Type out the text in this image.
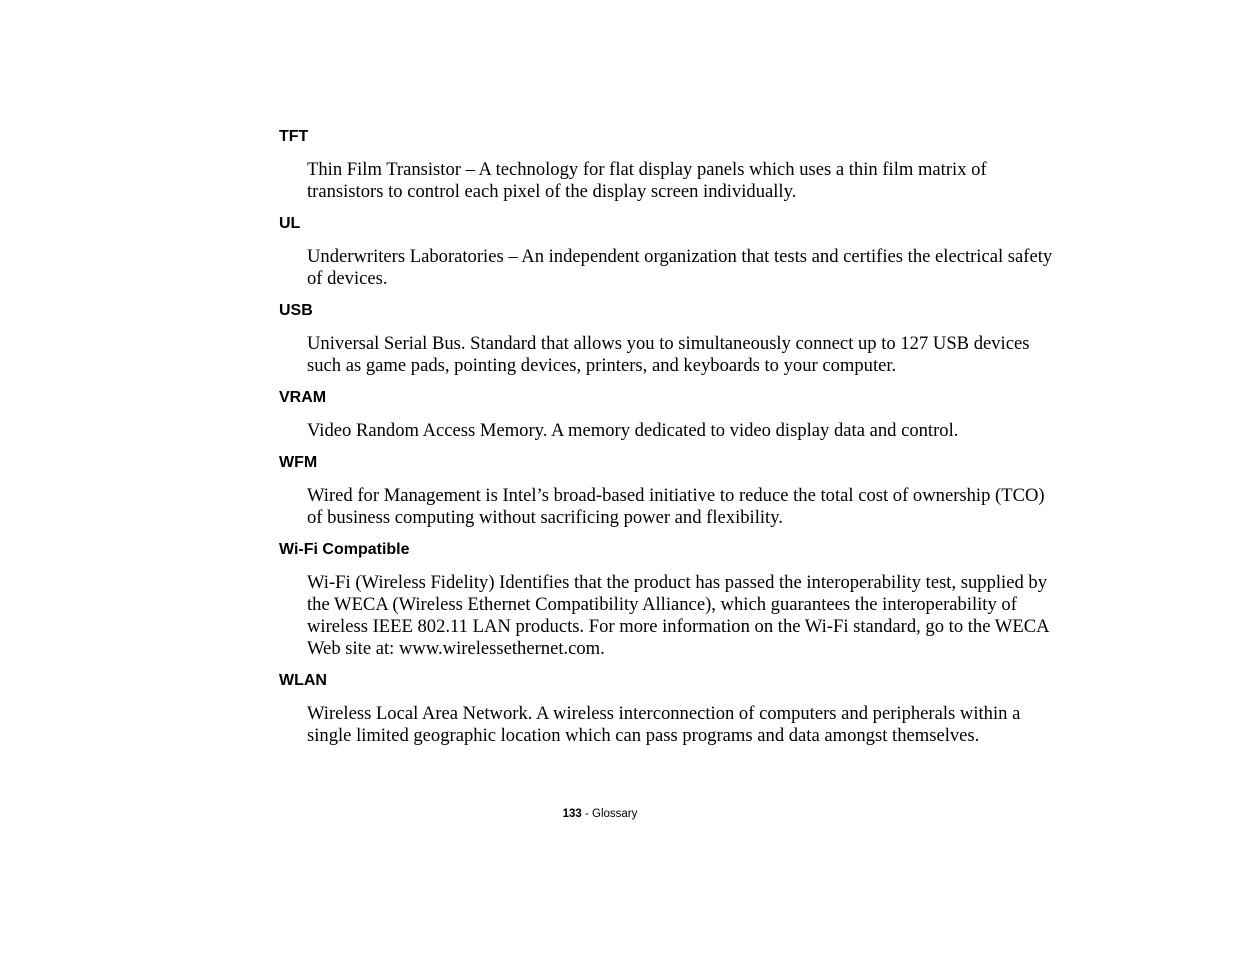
TFT

Thin Film Transistor – A technology for flat display panels which uses a thin film matrix of transistors to control each pixel of the display screen individually.

UL

Underwriters Laboratories – An independent organization that tests and certifies the electrical safety of devices.

USB

Universal Serial Bus. Standard that allows you to simultaneously connect up to 127 USB devices such as game pads, pointing devices, printers, and keyboards to your computer.

VRAM

Video Random Access Memory. A memory dedicated to video display data and control.

WFM

Wired for Management is Intel’s broad-based initiative to reduce the total cost of ownership (TCO) of business computing without sacrificing power and flexibility.

Wi-Fi Compatible

Wi-Fi (Wireless Fidelity) Identifies that the product has passed the interoperability test, supplied by the WECA (Wireless Ethernet Compatibility Alliance), which guarantees the interoperability of wireless IEEE 802.11 LAN products. For more information on the Wi-Fi standard, go to the WECA Web site at: www.wirelessethernet.com.

WLAN

Wireless Local Area Network. A wireless interconnection of computers and peripherals within a single limited geographic location which can pass programs and data amongst themselves.

133 - Glossary
